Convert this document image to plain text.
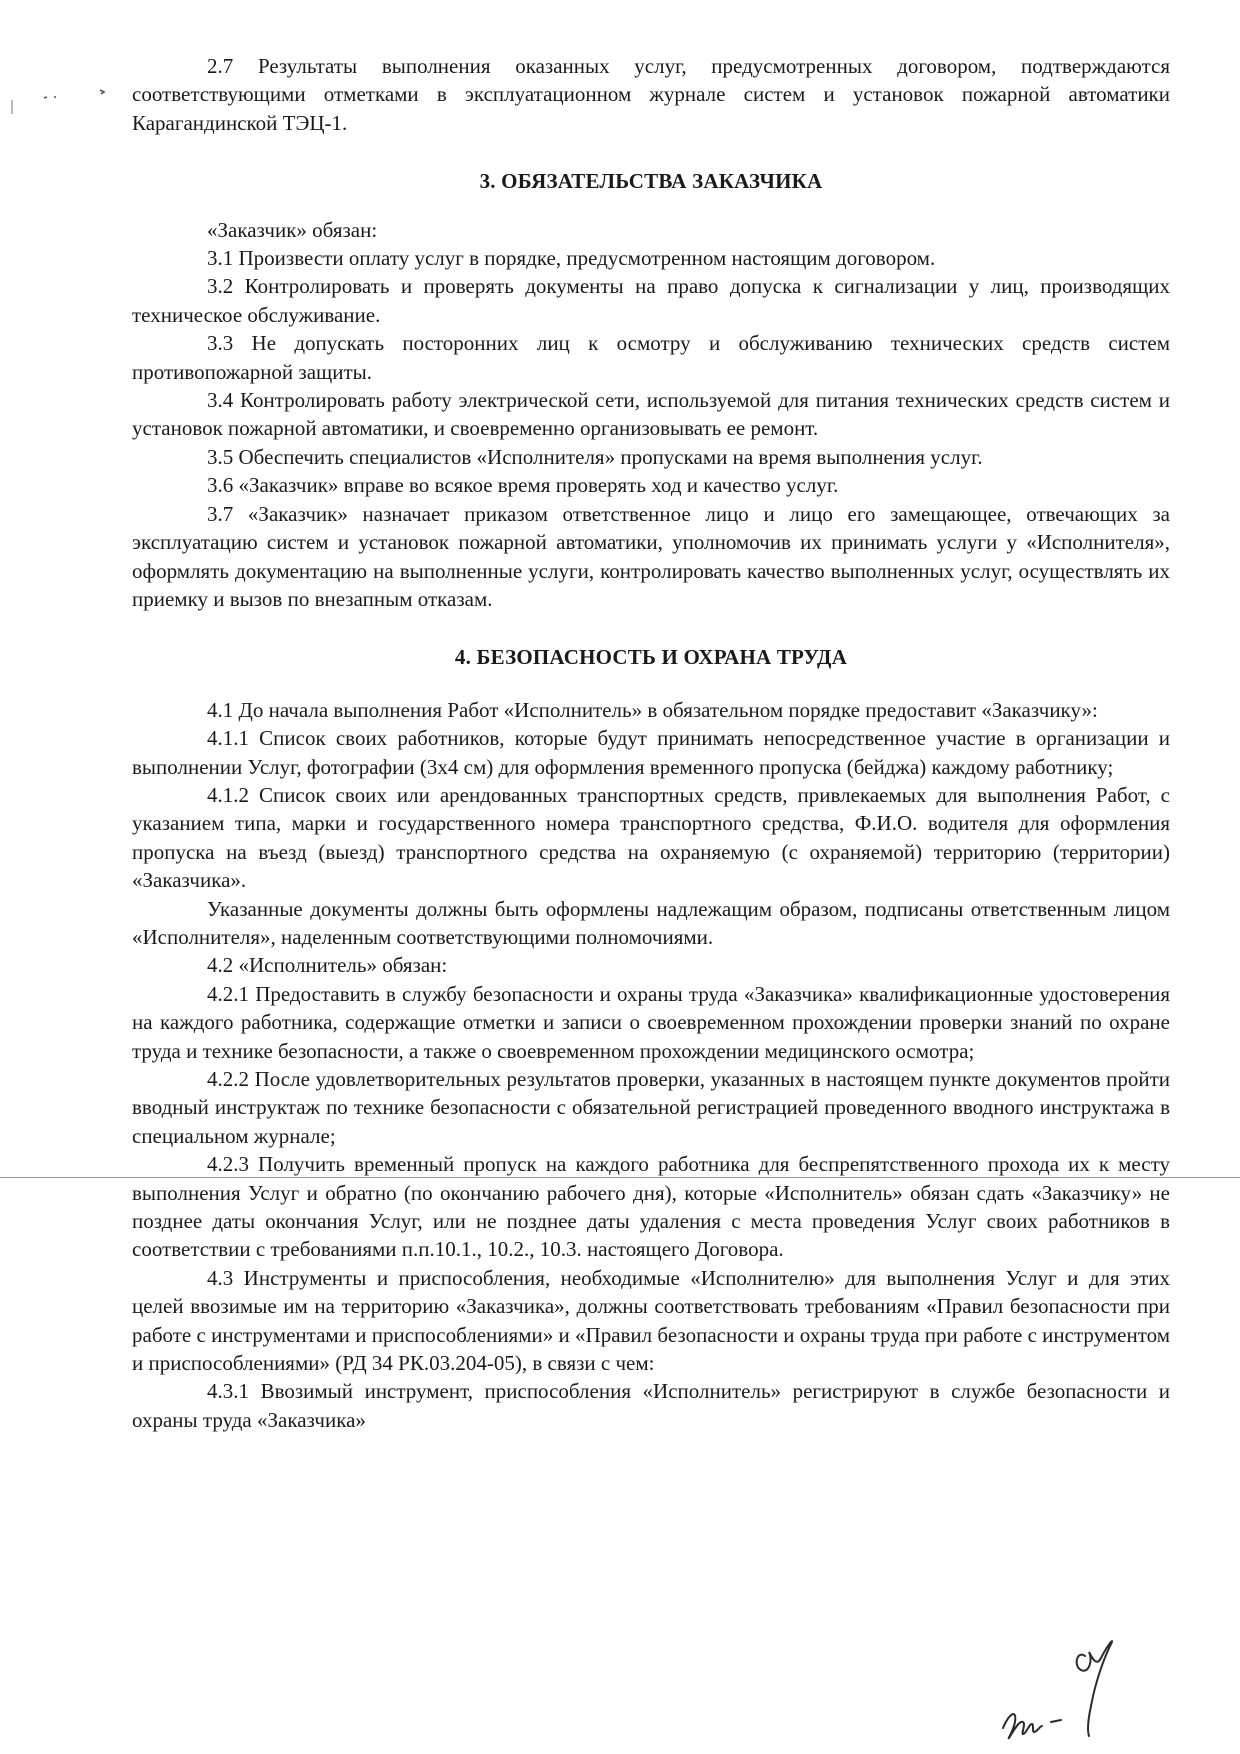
2.7 Результаты выполнения оказанных услуг, предусмотренных договором, подтверждаются соответствующими отметками в эксплуатационном журнале систем и установок пожарной автоматики Карагандинской ТЭЦ-1.

3. ОБЯЗАТЕЛЬСТВА ЗАКАЗЧИКА

«Заказчик» обязан:

3.1 Произвести оплату услуг в порядке, предусмотренном настоящим договором.

3.2 Контролировать и проверять документы на право допуска к сигнализации у лиц, производящих техническое обслуживание.

3.3 Не допускать посторонних лиц к осмотру и обслуживанию технических средств систем противопожарной защиты.

3.4 Контролировать работу электрической сети, используемой для питания технических средств систем и установок пожарной автоматики, и своевременно организовывать ее ремонт.

3.5 Обеспечить специалистов «Исполнителя» пропусками на время выполнения услуг.

3.6 «Заказчик» вправе во всякое время проверять ход и качество услуг.

3.7 «Заказчик» назначает приказом ответственное лицо и лицо его замещающее, отвечающих за эксплуатацию систем и установок пожарной автоматики, уполномочив их принимать услуги у «Исполнителя», оформлять документацию на выполненные услуги, контролировать качество выполненных услуг, осуществлять их приемку и вызов по внезапным отказам.

4. БЕЗОПАСНОСТЬ И ОХРАНА ТРУДА

4.1 До начала выполнения Работ «Исполнитель» в обязательном порядке предоставит «Заказчику»:

4.1.1 Список своих работников, которые будут принимать непосредственное участие в организации и выполнении Услуг, фотографии (3х4 см) для оформления временного пропуска (бейджа) каждому работнику;

4.1.2 Список своих или арендованных транспортных средств, привлекаемых для выполнения Работ, с указанием типа, марки и государственного номера транспортного средства, Ф.И.О. водителя для оформления пропуска на въезд (выезд) транспортного средства на охраняемую (с охраняемой) территорию (территории) «Заказчика».

Указанные документы должны быть оформлены надлежащим образом, подписаны ответственным лицом «Исполнителя», наделенным соответствующими полномочиями.

4.2 «Исполнитель» обязан:

4.2.1 Предоставить в службу безопасности и охраны труда «Заказчика» квалификационные удостоверения на каждого работника, содержащие отметки и записи о своевременном прохождении проверки знаний по охране труда и технике безопасности, а также о своевременном прохождении медицинского осмотра;

4.2.2 После удовлетворительных результатов проверки, указанных в настоящем пункте документов пройти вводный инструктаж по технике безопасности с обязательной регистрацией проведенного вводного инструктажа в специальном журнале;

4.2.3 Получить временный пропуск на каждого работника для беспрепятственного прохода их к месту выполнения Услуг и обратно (по окончанию рабочего дня), которые «Исполнитель» обязан сдать «Заказчику» не позднее даты окончания Услуг, или не позднее даты удаления с места проведения Услуг своих работников в соответствии с требованиями п.п.10.1., 10.2., 10.3. настоящего Договора.

4.3 Инструменты и приспособления, необходимые «Исполнителю» для выполнения Услуг и для этих целей ввозимые им на территорию «Заказчика», должны соответствовать требованиям «Правил безопасности при работе с инструментами и приспособлениями» и «Правил безопасности и охраны труда при работе с инструментом и приспособлениями» (РД 34 РК.03.204-05), в связи с чем:

4.3.1 Ввозимый инструмент, приспособления «Исполнитель» регистрируют в службе безопасности и охраны труда «Заказчика»
